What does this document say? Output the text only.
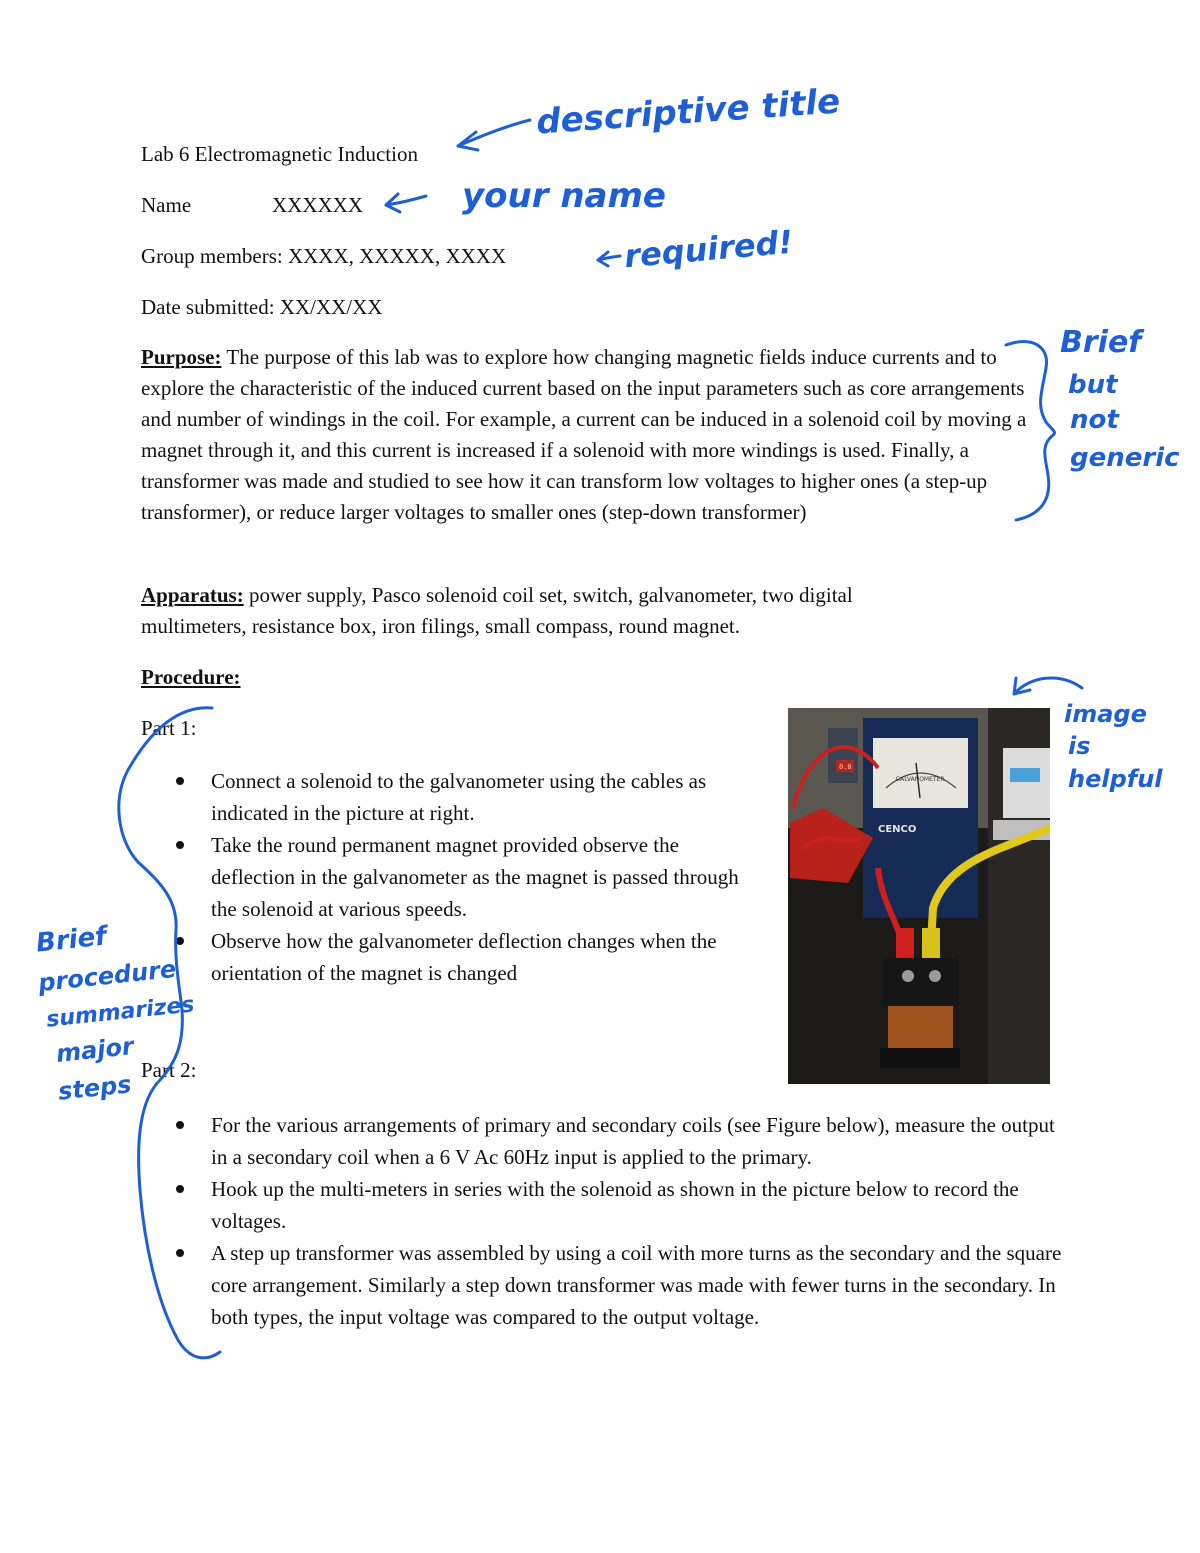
Lab 6 Electromagnetic Induction
Name	XXXXXX
Group members: XXXX, XXXXX, XXXX
Date submitted: XX/XX/XX
Purpose: The purpose of this lab was to explore how changing magnetic fields induce currents and to explore the characteristic of the induced current based on the input parameters such as core arrangements and number of windings in the coil. For example, a current can be induced in a solenoid coil by moving a magnet through it, and this current is increased if a solenoid with more windings is used. Finally, a transformer was made and studied to see how it can transform low voltages to higher ones (a step-up transformer), or reduce larger voltages to smaller ones (step-down transformer)
Apparatus: power supply, Pasco solenoid coil set, switch, galvanometer, two digital multimeters, resistance box, iron filings, small compass, round magnet.
Procedure:
Part 1:
Connect a solenoid to the galvanometer using the cables as indicated in the picture at right.
Take the round permanent magnet provided observe the deflection in the galvanometer as the magnet is passed through the solenoid at various speeds.
Observe how the galvanometer deflection changes when the orientation of the magnet is changed
Part 2:
For the various arrangements of primary and secondary coils (see Figure below), measure the output in a secondary coil when a 6 V Ac 60Hz input is applied to the primary.
Hook up the multi-meters in series with the solenoid as shown in the picture below to record the voltages.
A step up transformer was assembled by using a coil with more turns as the secondary and the square core arrangement. Similarly a step down transformer was made with fewer turns in the secondary. In both types, the input voltage was compared to the output voltage.
0.0
GALVANOMETER
CENCO
descriptive title
your name
required!
Brief
but
not
generic
image
is
helpful
Brief
procedure
summarizes
major
steps
